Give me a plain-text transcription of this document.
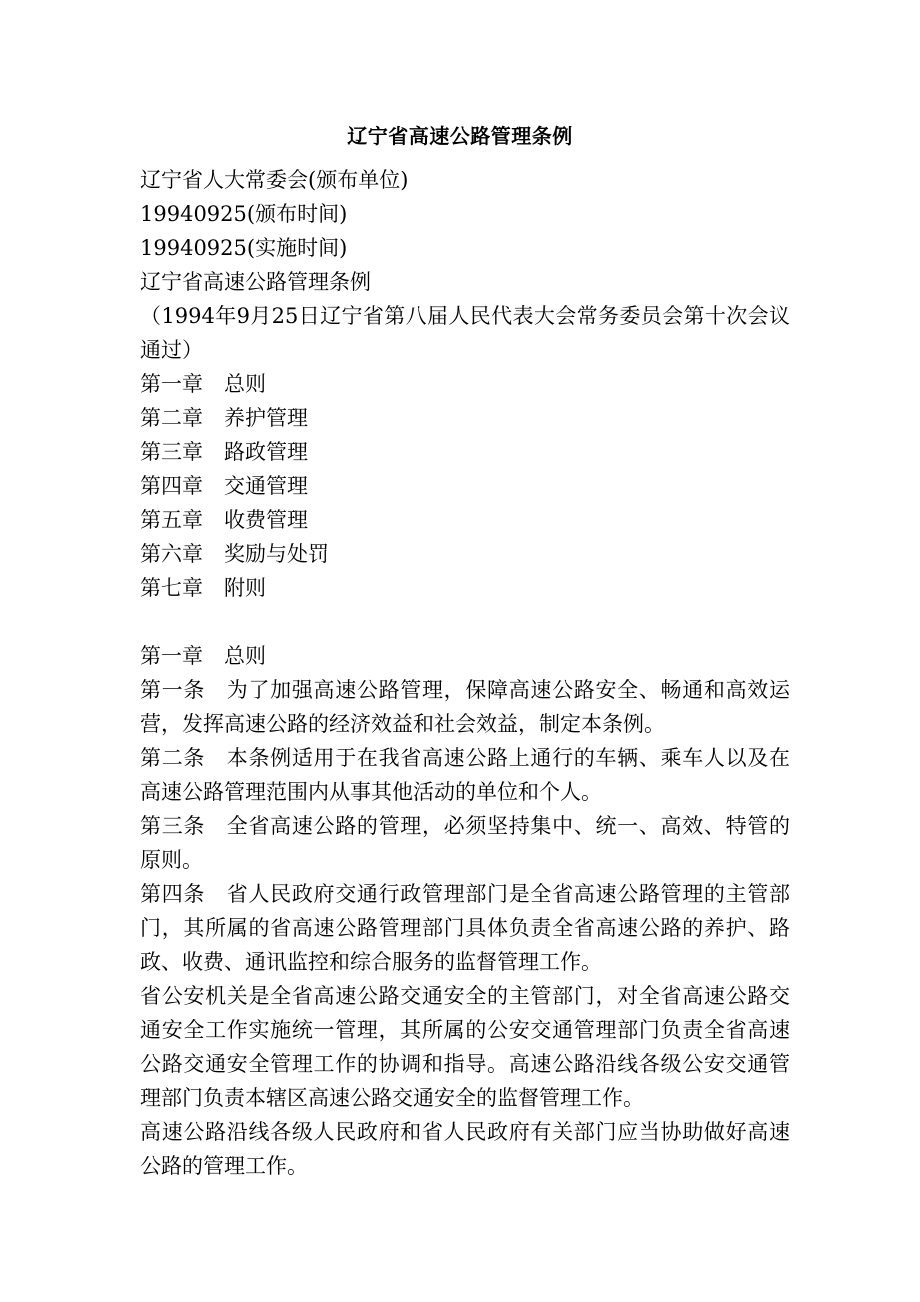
辽宁省高速公路管理条例
辽宁省人大常委会(颁布单位)
19940925(颁布时间)
19940925(实施时间)
辽宁省高速公路管理条例
（1994年9月25日辽宁省第八届人民代表大会常务委员会第十次会议通过）
第一章　总则
第二章　养护管理
第三章　路政管理
第四章　交通管理
第五章　收费管理
第六章　奖励与处罚
第七章　附则
第一章　总则
第一条　为了加强高速公路管理，保障高速公路安全、畅通和高效运营，发挥高速公路的经济效益和社会效益，制定本条例。
第二条　本条例适用于在我省高速公路上通行的车辆、乘车人以及在高速公路管理范围内从事其他活动的单位和个人。
第三条　全省高速公路的管理，必须坚持集中、统一、高效、特管的原则。
第四条　省人民政府交通行政管理部门是全省高速公路管理的主管部门，其所属的省高速公路管理部门具体负责全省高速公路的养护、路政、收费、通讯监控和综合服务的监督管理工作。
省公安机关是全省高速公路交通安全的主管部门，对全省高速公路交通安全工作实施统一管理，其所属的公安交通管理部门负责全省高速公路交通安全管理工作的协调和指导。高速公路沿线各级公安交通管理部门负责本辖区高速公路交通安全的监督管理工作。
高速公路沿线各级人民政府和省人民政府有关部门应当协助做好高速公路的管理工作。
